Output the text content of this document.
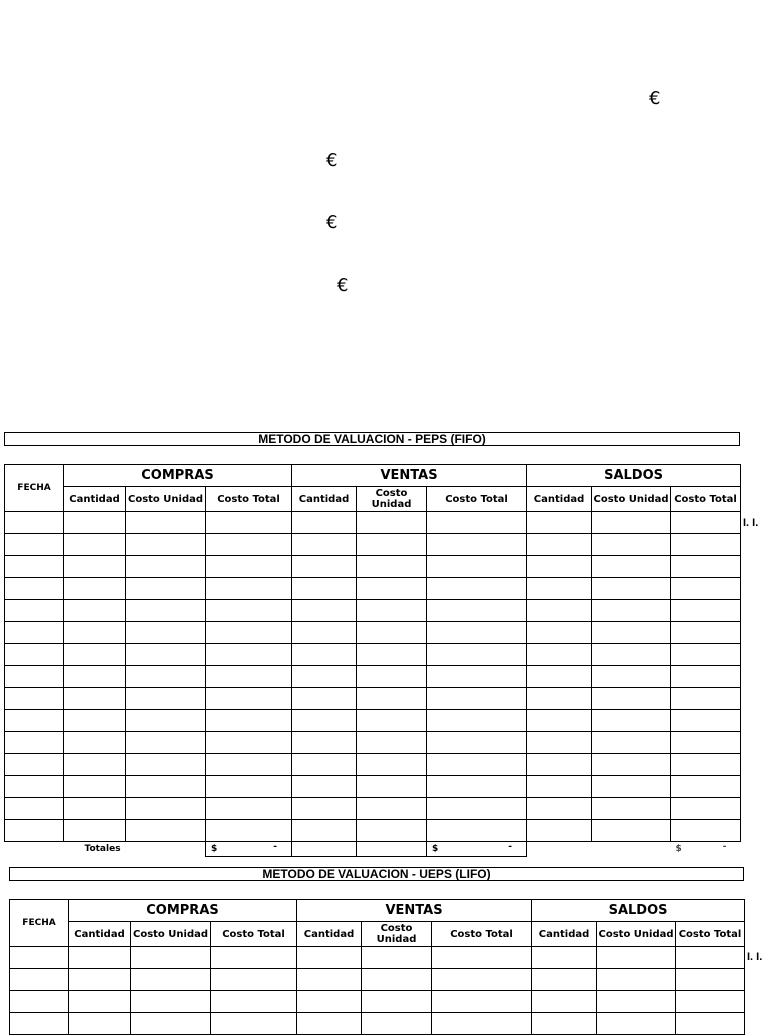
€
€
€
€
METODO DE VALUACION - PEPS (FIFO)
FECHA	COMPRAS			VENTAS			SALDOS		
	Cantidad	Costo Unidad	Costo Total	Cantidad	Costo Unidad	Costo Total	Cantidad	Costo Unidad	Costo Total

Totales			$ -			$ -			$ -
I. I.
METODO DE VALUACION - UEPS (LIFO)
FECHA	COMPRAS			VENTAS			SALDOS		
	Cantidad	Costo Unidad	Costo Total	Cantidad	Costo Unidad	Costo Total	Cantidad	Costo Unidad	Costo Total

I. I.
